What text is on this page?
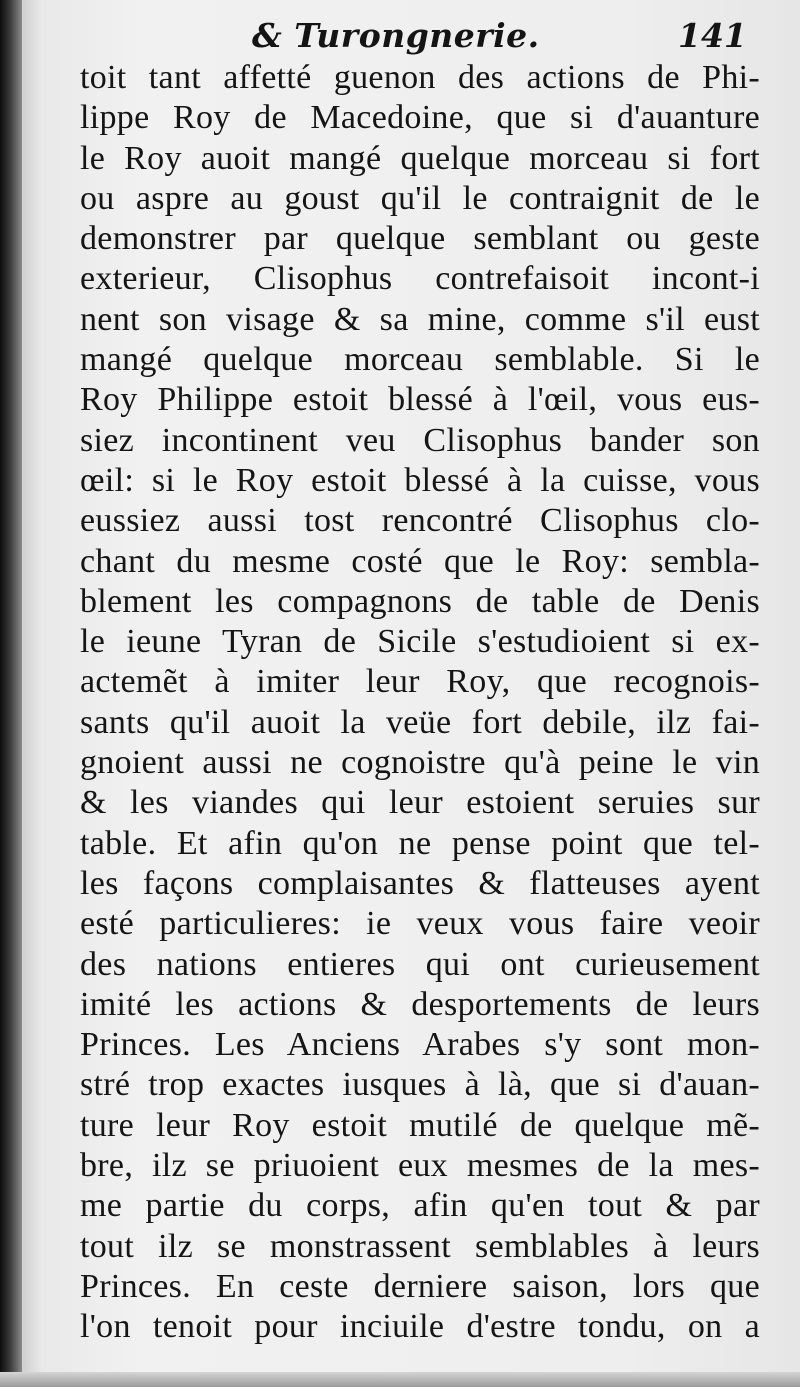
& Turongnerie.	141
toit tant affetté guenon des actions de Phi-
lippe Roy de Macedoine, que si d'auanture
le Roy auoit mangé quelque morceau si fort
ou aspre au goust qu'il le contraignit de le
demonstrer par quelque semblant ou geste
exterieur, Clisophus contrefaisoit incont-i
nent son visage & sa mine, comme s'il eust
mangé quelque morceau semblable. Si le
Roy Philippe estoit blessé à l'œil, vous eus-
siez incontinent veu Clisophus bander son
œil: si le Roy estoit blessé à la cuisse, vous
eussiez aussi tost rencontré Clisophus clo-
chant du mesme costé que le Roy: sembla-
blement les compagnons de table de Denis
le ieune Tyran de Sicile s'estudioient si ex-
actemẽt à imiter leur Roy, que recognois-
sants qu'il auoit la veüe fort debile, ilz fai-
gnoient aussi ne cognoistre qu'à peine le vin
& les viandes qui leur estoient seruies sur
table. Et afin qu'on ne pense point que tel-
les façons complaisantes & flatteuses ayent
esté particulieres: ie veux vous faire veoir
des nations entieres qui ont curieusement
imité les actions & desportements de leurs
Princes. Les Anciens Arabes s'y sont mon-
stré trop exactes iusques à là, que si d'auan-
ture leur Roy estoit mutilé de quelque mẽ-
bre, ilz se priuoient eux mesmes de la mes-
me partie du corps, afin qu'en tout & par
tout ilz se monstrassent semblables à leurs
Princes. En ceste derniere saison, lors que
l'on tenoit pour inciuile d'estre tondu, on a
